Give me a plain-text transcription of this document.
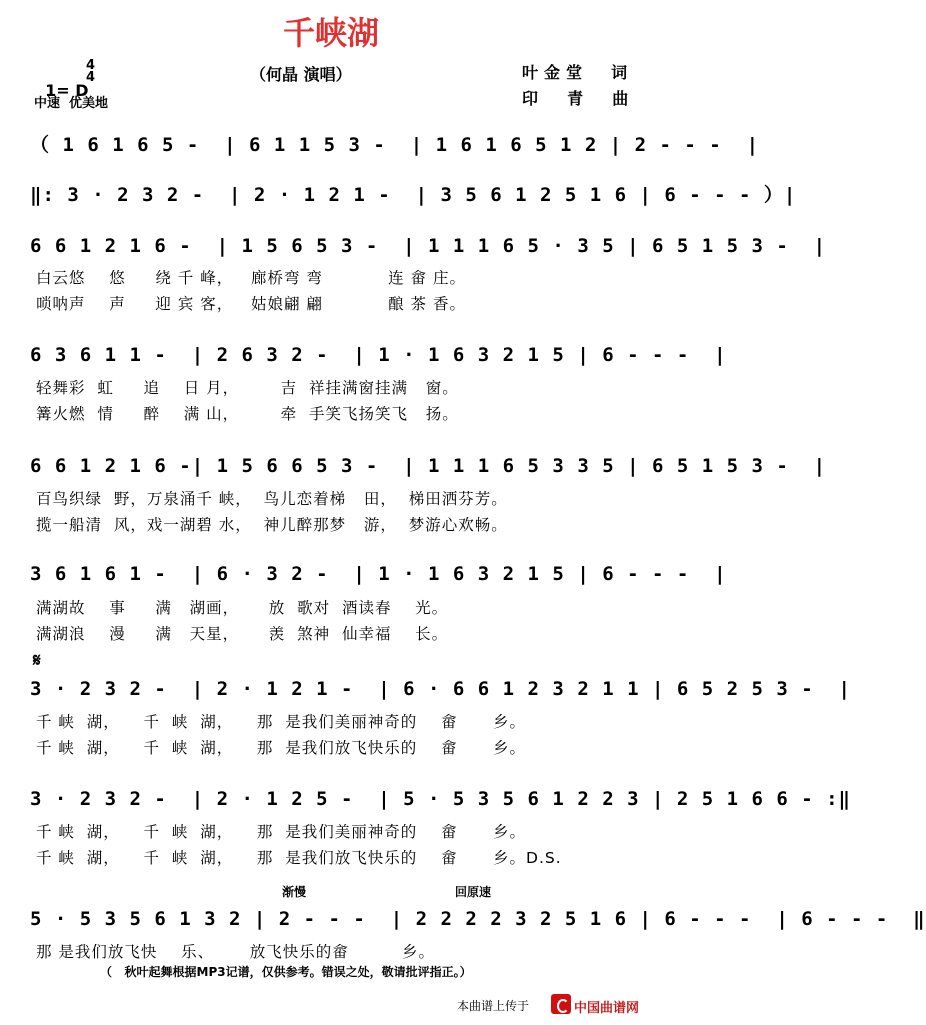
千峡湖

1= D

4
4

中速  优美地
（何晶 演唱）	叶金堂  词
印  青  曲
（ 1 6 1 6 5 -  | 6 1 1 5 3 -  | 1 6 1 6 5 1 2 | 2 - - -  |
‖: 3 · 2 3 2 -  | 2 · 1 2 1 -  | 3 5 6 1 2 5 1 6 | 6 - - - ）|
6 6 1 2 1 6 -  | 1 5 6 5 3 -  | 1 1 1 6 5 · 3 5 | 6 5 1 5 3 -  |
白云悠    悠     绕 千 峰，   廊桥弯 弯           连 畲 庄。
唢呐声    声     迎 宾 客，   姑娘翩 翩           酿 茶 香。
6 3 6 1 1 -  | 2 6 3 2 -  | 1 · 1 6 3 2 1 5 | 6 - - -  |
轻舞彩  虹     追    日 月，       吉  祥挂满窗挂满   窗。
篝火燃  情     醉    满 山，       牵  手笑飞扬笑飞   扬。
6 6 1 2 1 6 -| 1 5 6 6 5 3 -  | 1 1 1 6 5 3 3 5 | 6 5 1 5 3 -  |
百鸟织绿  野，万泉涌千 峡，  鸟儿恋着梯   田，  梯田洒芬芳。
揽一船清  风，戏一湖碧 水，  神儿醉那梦   游，  梦游心欢畅。
3 6 1 6 1 -  | 6 · 3 2 -  | 1 · 1 6 3 2 1 5 | 6 - - -  |
满湖故    事     满   湖画，     放  歌对  酒读春    光。
满湖浪    漫     满   天星，     羡  煞神  仙幸福    长。
𝄋
3 · 2 3 2 -  | 2 · 1 2 1 -  | 6 · 6 6 1 2 3 2 1 1 | 6 5 2 5 3 -  |
千 峡  湖，    千  峡  湖，    那  是我们美丽神奇的    畲      乡。
千 峡  湖，    千  峡  湖，    那  是我们放飞快乐的    畲      乡。
3 · 2 3 2 -  | 2 · 1 2 5 -  | 5 · 5 3 5 6 1 2 2 3 | 2 5 1 6 6 - :‖
千 峡  湖，    千  峡  湖，    那  是我们美丽神奇的    畲      乡。
千 峡  湖，    千  峡  湖，    那  是我们放飞快乐的    畲      乡。D.S.
渐慢	回原速
5 · 5 3 5 6 1 3 2 | 2 - - -  | 2 2 2 2 3 2 5 1 6 | 6 - - -  | 6 - - -  ‖
那 是我们放飞快    乐、      放飞快乐的畲         乡。
（   秋叶起舞根据MP3记谱，仅供参考。错误之处，敬请批评指正。）
本曲谱上传于	中国曲谱网
